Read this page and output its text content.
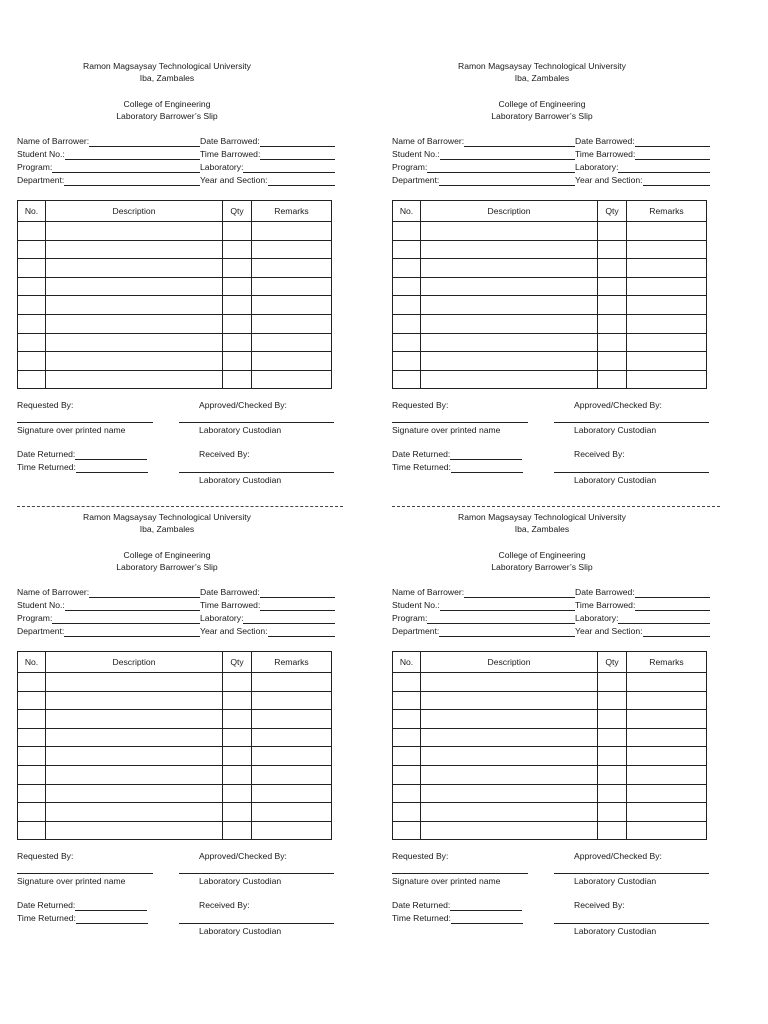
Ramon Magsaysay Technological University
Iba, Zambales
College of Engineering
Laboratory Barrower’s Slip
Name of Barrower:	Date Barrowed:
Student No.:	Time Barrowed:
Program:	Laboratory:
Department:	Year and Section:
No.	Description	Qty	Remarks

Requested By:
Signature over printed name
Approved/Checked By:
Laboratory Custodian
Date Returned:
Time Returned:
Received By:
Laboratory Custodian
Ramon Magsaysay Technological University
Iba, Zambales
College of Engineering
Laboratory Barrower’s Slip
Name of Barrower:	Date Barrowed:
Student No.:	Time Barrowed:
Program:	Laboratory:
Department:	Year and Section:
No.	Description	Qty	Remarks

Requested By:
Signature over printed name
Approved/Checked By:
Laboratory Custodian
Date Returned:
Time Returned:
Received By:
Laboratory Custodian
Ramon Magsaysay Technological University
Iba, Zambales
College of Engineering
Laboratory Barrower’s Slip
Name of Barrower:	Date Barrowed:
Student No.:	Time Barrowed:
Program:	Laboratory:
Department:	Year and Section:
No.	Description	Qty	Remarks

Requested By:
Signature over printed name
Approved/Checked By:
Laboratory Custodian
Date Returned:
Time Returned:
Received By:
Laboratory Custodian
Ramon Magsaysay Technological University
Iba, Zambales
College of Engineering
Laboratory Barrower’s Slip
Name of Barrower:	Date Barrowed:
Student No.:	Time Barrowed:
Program:	Laboratory:
Department:	Year and Section:
No.	Description	Qty	Remarks

Requested By:
Signature over printed name
Approved/Checked By:
Laboratory Custodian
Date Returned:
Time Returned:
Received By:
Laboratory Custodian
